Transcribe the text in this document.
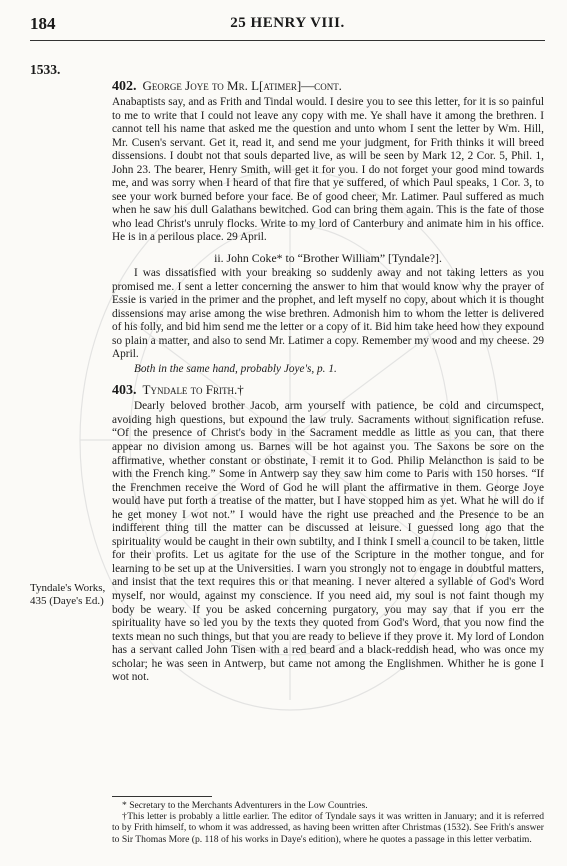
184	25 HENRY VIII.
1533.
Tyndale's Works, 435 (Daye's Ed.)
402. George Joye to Mr. L[atimer]—cont.

Anabaptists say, and as Frith and Tindal would. I desire you to see this letter, for it is so painful to me to write that I could not leave any copy with me. Ye shall have it among the brethren. I cannot tell his name that asked me the question and unto whom I sent the letter by Wm. Hill, Mr. Cusen's servant. Get it, read it, and send me your judgment, for Frith thinks it will breed dissensions. I doubt not that souls departed live, as will be seen by Mark 12, 2 Cor. 5, Phil. 1, John 23. The bearer, Henry Smith, will get it for you. I do not forget your good mind towards me, and was sorry when I heard of that fire that ye suffered, of which Paul speaks, 1 Cor. 3, to see your work burned before your face. Be of good cheer, Mr. Latimer. Paul suffered as much when he saw his dull Galathans bewitched. God can bring them again. This is the fate of those who lead Christ's unruly flocks. Write to my lord of Canterbury and animate him in his office. He is in a perilous place. 29 April.

ii. John Coke* to “Brother William” [Tyndale?].

I was dissatisfied with your breaking so suddenly away and not taking letters as you promised me. I sent a letter concerning the answer to him that would know why the prayer of Essie is varied in the primer and the prophet, and left myself no copy, about which it is thought dissensions may arise among the wise brethren. Admonish him to whom the letter is delivered of his folly, and bid him send me the letter or a copy of it. Bid him take heed how they expound so plain a matter, and also to send Mr. Latimer a copy. Remember my wood and my cheese. 29 April.

Both in the same hand, probably Joye's, p. 1.

403. Tyndale to Frith.†

Dearly beloved brother Jacob, arm yourself with patience, be cold and circumspect, avoiding high questions, but expound the law truly. Sacraments without signification refuse. “Of the presence of Christ's body in the Sacrament meddle as little as you can, that there appear no division among us. Barnes will be hot against you. The Saxons be sore on the affirmative, whether constant or obstinate, I remit it to God. Philip Melancthon is said to be with the French king.” Some in Antwerp say they saw him come to Paris with 150 horses. “If the Frenchmen receive the Word of God he will plant the affirmative in them. George Joye would have put forth a treatise of the matter, but I have stopped him as yet. What he will do if he get money I wot not.” I would have the right use preached and the Presence to be an indifferent thing till the matter can be discussed at leisure. I guessed long ago that the spirituality would be caught in their own subtilty, and I think I smell a council to be taken, little for their profits. Let us agitate for the use of the Scripture in the mother tongue, and for learning to be set up at the Universities. I warn you strongly not to engage in doubtful matters, and insist that the text requires this or that meaning. I never altered a syllable of God's Word myself, nor would, against my conscience. If you need aid, my soul is not faint though my body be weary. If you be asked concerning purgatory, you may say that if you err the spirituality have so led you by the texts they quoted from God's Word, that you now find the texts mean no such things, but that you are ready to believe if they prove it. My lord of London has a servant called John Tisen with a red beard and a black-reddish head, who was once my scholar; he was seen in Antwerp, but came not among the Englishmen. Whither he is gone I wot not.

* Secretary to the Merchants Adventurers in the Low Countries.

†This letter is probably a little earlier. The editor of Tyndale says it was written in January; and it is referred to by Frith himself, to whom it was addressed, as having been written after Christmas (1532). See Frith's answer to Sir Thomas More (p. 118 of his works in Daye's edition), where he quotes a passage in this letter verbatim.
